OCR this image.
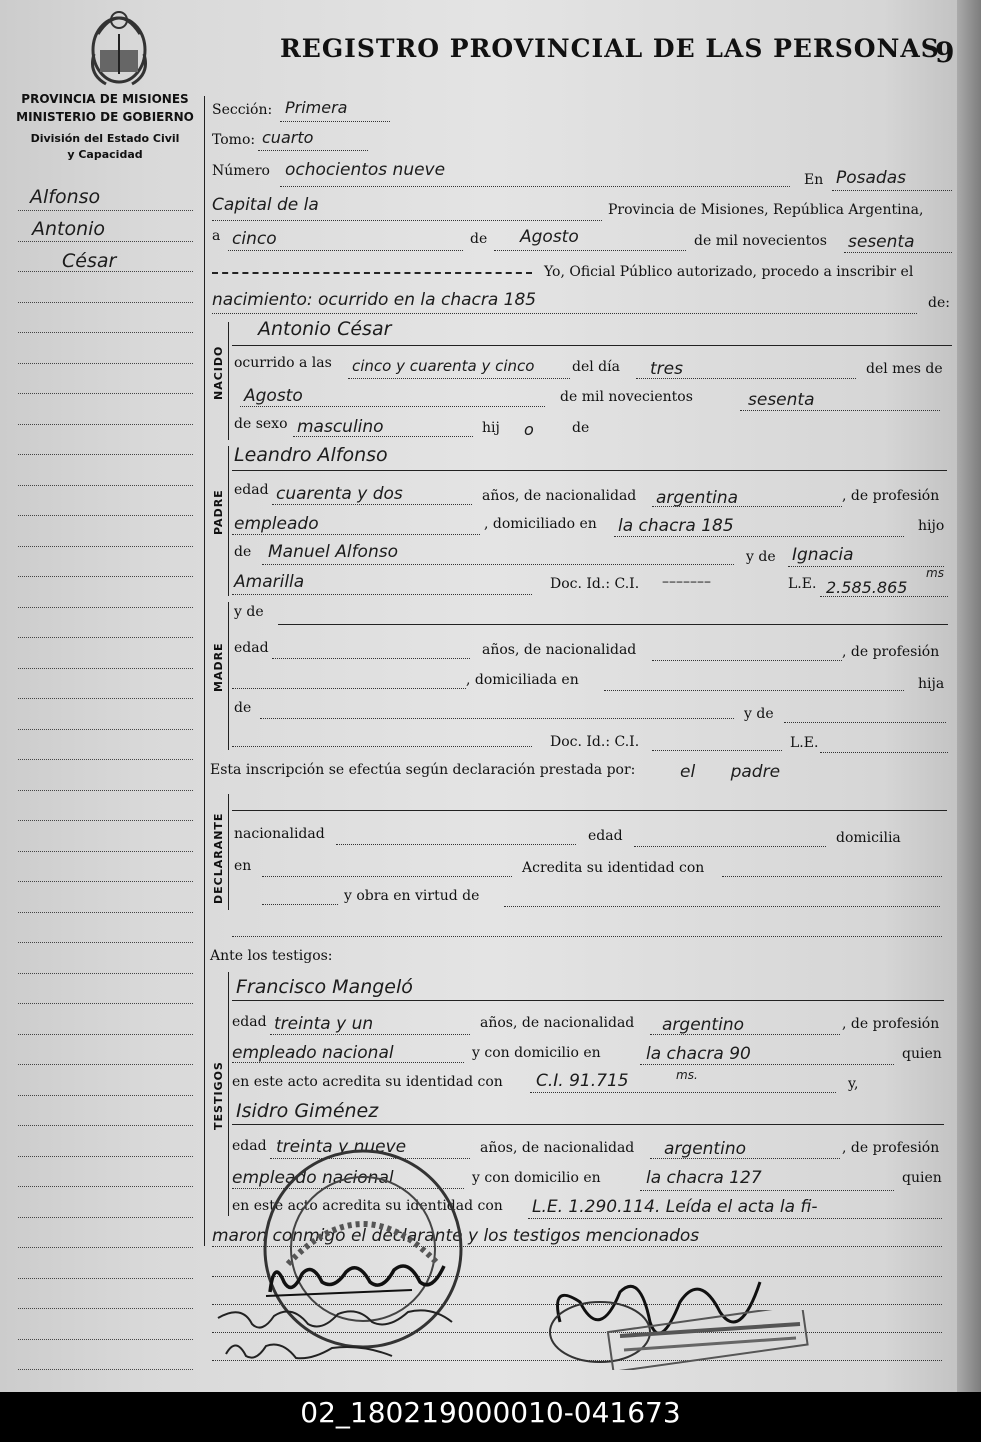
REGISTRO PROVINCIAL DE LAS PERSONAS
9
PROVINCIA DE MISIONES
MINISTERIO DE GOBIERNO
División del Estado Civil
y Capacidad
Alfonso
Antonio
César
Sección: Primera
Tomo: cuarto
Número ochocientos nueve	En Posadas
Capital de la	Provincia de Misiones, República Argentina,
a cinco	de Agosto	de mil novecientos sesenta
Yo, Oficial Público autorizado, procedo a inscribir el
nacimiento: ocurrido en la chacra 185	de:
NACIDO
Antonio César
ocurrido a las cinco y cuarenta y cinco	del día tres	del mes de
Agosto	de mil novecientos	sesenta
de sexo masculino	hij o	de
PADRE
Leandro Alfonso
edad cuarenta y dos	años, de nacionalidad argentina	, de profesión
empleado	, domiciliado en la chacra 185	hijo
de Manuel Alfonso	y de Ignacia
Amarilla	Doc. Id.: C.I. –––––––	L.E. 2.585.865
ms
MADRE
y de
edad	años, de nacionalidad	, de profesión
, domiciliada en	hija
de	y de
Doc. Id.: C.I.	L.E.
Esta inscripción se efectúa según declaración prestada por:	el padre
DECLARANTE nacionalidad	edad	domicilia
en	Acredita su identidad con
y obra en virtud de
Ante los testigos:
TESTIGOS
Francisco Mangeló
edad treinta y un	años, de nacionalidad argentino	, de profesión
empleado nacional	y con domicilio en	la chacra 90	quien
en este acto acredita su identidad con C.I. 91.715	ms.
y,
Isidro Giménez
edad treinta y nueve	años, de nacionalidad argentino	, de profesión
empleado nacional	y con domicilio en	la chacra 127	quien
en este acto acredita su identidad con L.E. 1.290.114. Leída el acta la fi-
maron conmigo el declarante y los testigos mencionados
02_180219000010-041673
